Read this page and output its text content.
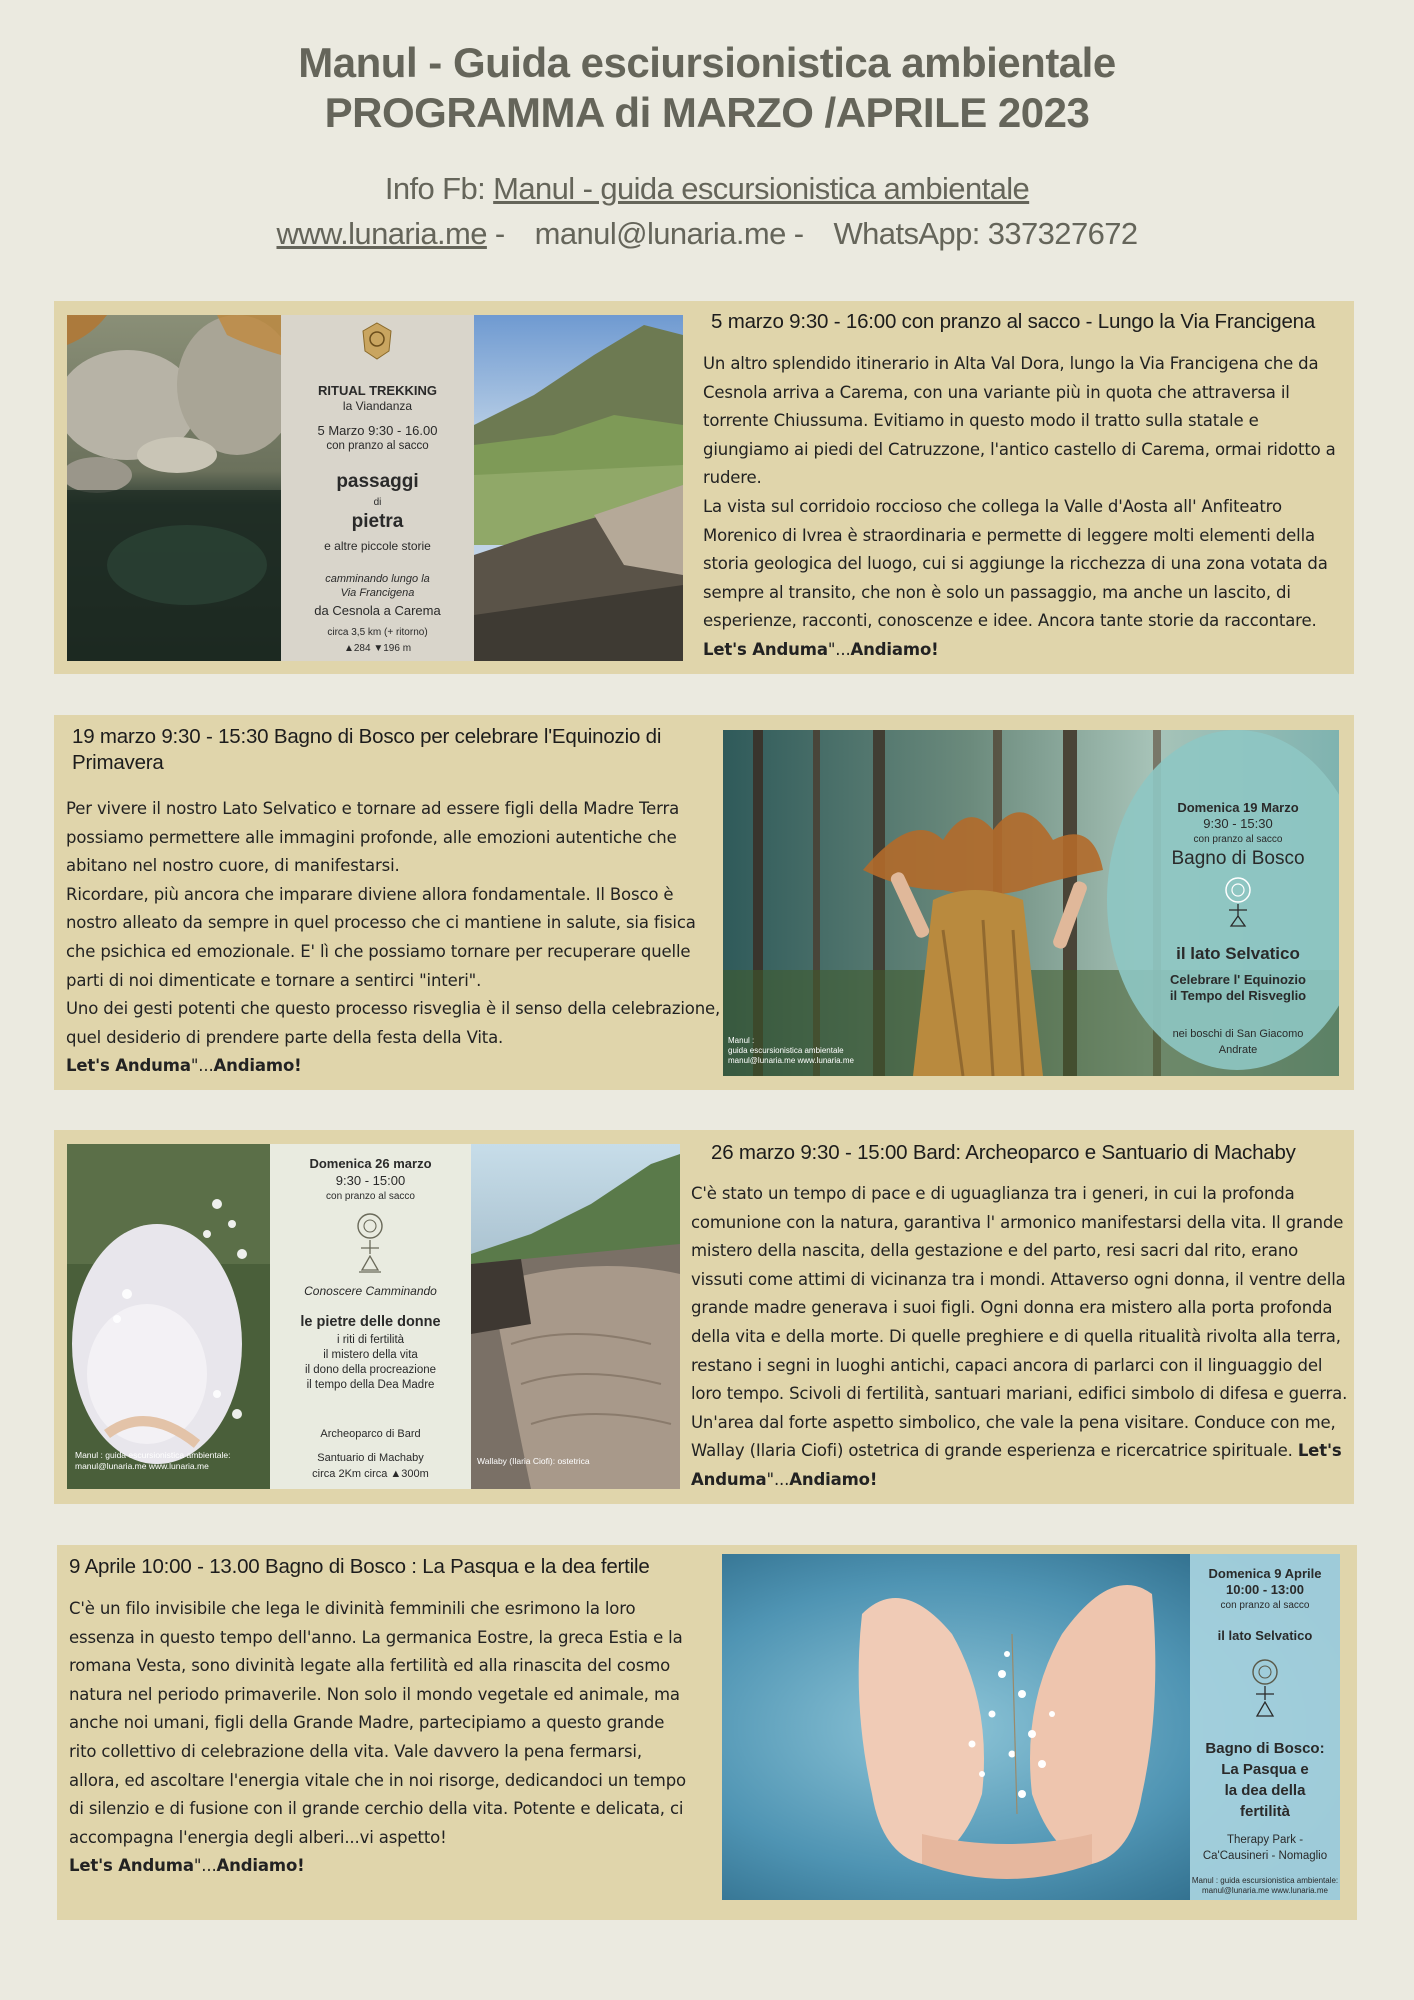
Manul - Guida esciursionistica ambientale
PROGRAMMA di MARZO /APRILE 2023
Info Fb: Manul - guida escursionistica ambientale
www.lunaria.me -  manul@lunaria.me -  WhatsApp: 337327672
RITUAL TREKKING
la Viandanza
5 Marzo 9:30 - 16.00
con pranzo al sacco
passaggi
di
pietra
e altre piccole storie
camminando lungo la
Via Francigena
da Cesnola a Carema
circa 3,5 km (+ ritorno)
▲284 ▼196 m
5 marzo 9:30 - 16:00 con pranzo al sacco - Lungo la Via Francigena

Un altro splendido itinerario in Alta Val Dora, lungo la Via Francigena che da Cesnola arriva a Carema, con una variante più in quota che attraversa il torrente Chiussuma. Evitiamo in questo modo il tratto sulla statale e giungiamo ai piedi del Catruzzone, l'antico castello di Carema, ormai ridotto a rudere.

La vista sul corridoio roccioso che collega la Valle d'Aosta all' Anfiteatro Morenico di Ivrea è straordinaria e permette di leggere molti elementi della storia geologica del luogo, cui si aggiunge la ricchezza di una zona votata da sempre al transito, che non è solo un passaggio, ma anche un lascito, di esperienze, racconti, conoscenze e idee. Ancora tante storie da raccontare. Let's Anduma"...Andiamo!

19 marzo 9:30 - 15:30 Bagno di Bosco per celebrare l'Equinozio di Primavera

Per vivere il nostro Lato Selvatico e tornare ad essere figli della Madre Terra possiamo permettere alle immagini profonde, alle emozioni autentiche che abitano nel nostro cuore, di manifestarsi.

Ricordare, più ancora che imparare diviene allora fondamentale. Il Bosco è nostro alleato da sempre in quel processo che ci mantiene in salute, sia fisica che psichica ed emozionale. E' lì che possiamo tornare per recuperare quelle parti di noi dimenticate e tornare a sentirci "interi".

Uno dei gesti potenti che questo processo risveglia è il senso della celebrazione, quel desiderio di prendere parte della festa della Vita.

Let's Anduma"...Andiamo!

Domenica 19 Marzo
9:30 - 15:30
con pranzo al sacco
Bagno di Bosco
il lato Selvatico
Celebrare l' Equinozio
il Tempo del Risveglio
nei boschi di San Giacomo
Andrate
Manul :
guida escursionistica ambientale
manul@lunaria.me www.lunaria.me
Domenica 26 marzo
9:30 - 15:00
con pranzo al sacco
Conoscere Camminando
le pietre delle donne
i riti di fertilità
il mistero della vita
il dono della procreazione
il tempo della Dea Madre
Archeoparco di Bard
Santuario di Machaby
circa 2Km circa ▲300m
Manul : guida escursionistica ambientale:
manul@lunaria.me www.lunaria.me	Wallaby (Ilaria Ciofi): ostetrica
26 marzo 9:30 - 15:00 Bard: Archeoparco e Santuario di Machaby

C'è stato un tempo di pace e di uguaglianza tra i generi, in cui la profonda comunione con la natura, garantiva l' armonico manifestarsi della vita. Il grande mistero della nascita, della gestazione e del parto, resi sacri dal rito, erano vissuti come attimi di vicinanza tra i mondi. Attaverso ogni donna, il ventre della grande madre generava i suoi figli. Ogni donna era mistero alla porta profonda della vita e della morte. Di quelle preghiere e di quella ritualità rivolta alla terra, restano i segni in luoghi antichi, capaci ancora di parlarci con il linguaggio del loro tempo. Scivoli di fertilità, santuari mariani, edifici simbolo di difesa e guerra. Un'area dal forte aspetto simbolico, che vale la pena visitare. Conduce con me, Wallay (Ilaria Ciofi) ostetrica di grande esperienza e ricercatrice spirituale. Let's Anduma"...Andiamo!

9 Aprile 10:00 - 13.00 Bagno di Bosco : La Pasqua e la dea fertile

C'è un filo invisibile che lega le divinità femminili che esrimono la loro essenza in questo tempo dell'anno. La germanica Eostre, la greca Estia e la romana Vesta, sono divinità legate alla fertilità ed alla rinascita del cosmo natura nel periodo primaverile. Non solo il mondo vegetale ed animale, ma anche noi umani, figli della Grande Madre, partecipiamo a questo grande rito collettivo di celebrazione della vita. Vale davvero la pena fermarsi, allora, ed ascoltare l'energia vitale che in noi risorge, dedicandoci un tempo di silenzio e di fusione con il grande cerchio della vita. Potente e delicata, ci accompagna l'energia degli alberi...vi aspetto!

Let's Anduma"...Andiamo!

Domenica 9 Aprile
10:00 - 13:00
con pranzo al sacco
il lato Selvatico
Bagno di Bosco:
La Pasqua e
la dea della
fertilità
Therapy Park -
Ca'Causineri - Nomaglio
Manul : guida escursionistica ambientale:
manul@lunaria.me www.lunaria.me
